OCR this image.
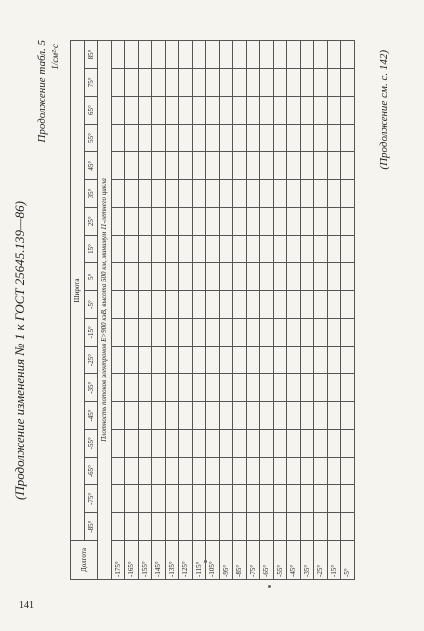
(Продолжение изменения № 1 к ГОСТ 25645.139—86)
Продолжение табл. 5 1/см²·с
Долгота	Широта																	
	-85°	-75°	-65°	-55°	-45°	-35°	-25°	-15°	-5°	5°	15°	25°	35°	45°	55°	65°	75°	85°
Плотность потоков электронов E>900 кэВ, высота 500 км, минимум 11-летнего цикла																		
-175°																		
-165°																		
-155°																		
-145°																		
-135°																		
-125°																		
-115°																		
-105°																		
-95°																		
-85°																		
-75°																		
-65°																		
-55°																		
-45°																		
-35°																		
-25°																		
-15°																		
-5°																		
(Продолжение см. с. 142)
141
